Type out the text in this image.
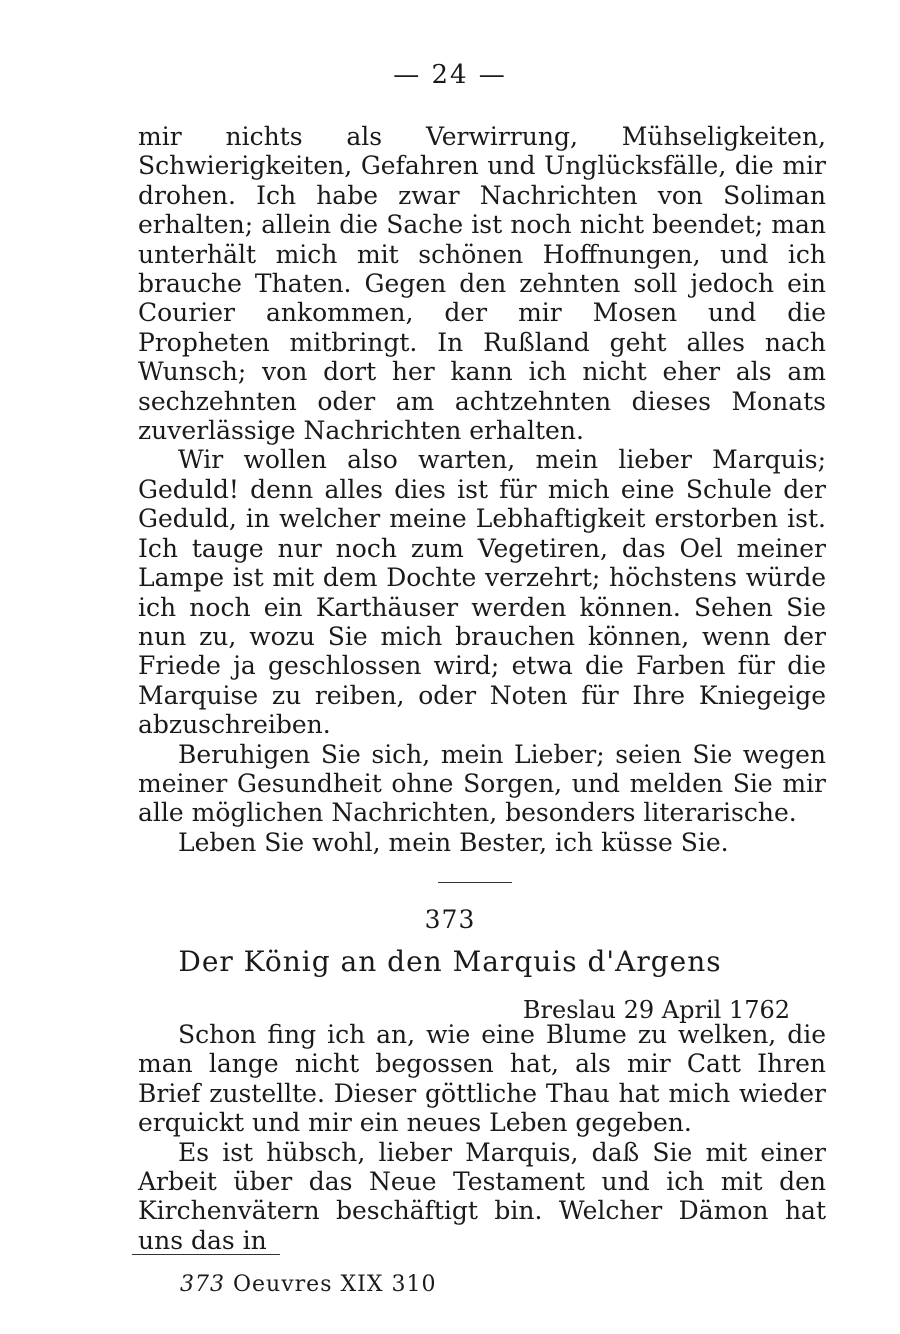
— 24 —

mir nichts als Verwirrung, Mühseligkeiten, Schwierigkeiten, Gefahren und Unglücksfälle, die mir drohen. Ich habe zwar Nachrichten von Soliman erhalten; allein die Sache ist noch nicht beendet; man unterhält mich mit schönen Hoffnungen, und ich brauche Thaten. Gegen den zehnten soll jedoch ein Courier ankommen, der mir Mosen und die Propheten mitbringt. In Rußland geht alles nach Wunsch; von dort her kann ich nicht eher als am sechzehnten oder am achtzehnten dieses Monats zuverlässige Nachrichten erhalten.

Wir wollen also warten, mein lieber Marquis; Geduld! denn alles dies ist für mich eine Schule der Geduld, in welcher meine Lebhaftigkeit erstorben ist. Ich tauge nur noch zum Vegetiren, das Oel meiner Lampe ist mit dem Dochte verzehrt; höchstens würde ich noch ein Karthäuser werden können. Sehen Sie nun zu, wozu Sie mich brauchen können, wenn der Friede ja geschlossen wird; etwa die Farben für die Marquise zu reiben, oder Noten für Ihre Kniegeige abzuschreiben.

Beruhigen Sie sich, mein Lieber; seien Sie wegen meiner Gesundheit ohne Sorgen, und melden Sie mir alle möglichen Nachrichten, besonders literarische.

Leben Sie wohl, mein Bester, ich küsse Sie.

373
Der König an den Marquis d'Argens
Breslau 29 April 1762

Schon fing ich an, wie eine Blume zu welken, die man lange nicht begossen hat, als mir Catt Ihren Brief zustellte. Dieser göttliche Thau hat mich wieder erquickt und mir ein neues Leben gegeben.

Es ist hübsch, lieber Marquis, daß Sie mit einer Arbeit über das Neue Testament und ich mit den Kirchenvätern beschäftigt bin. Welcher Dämon hat uns das in

373 Oeuvres XIX 310
